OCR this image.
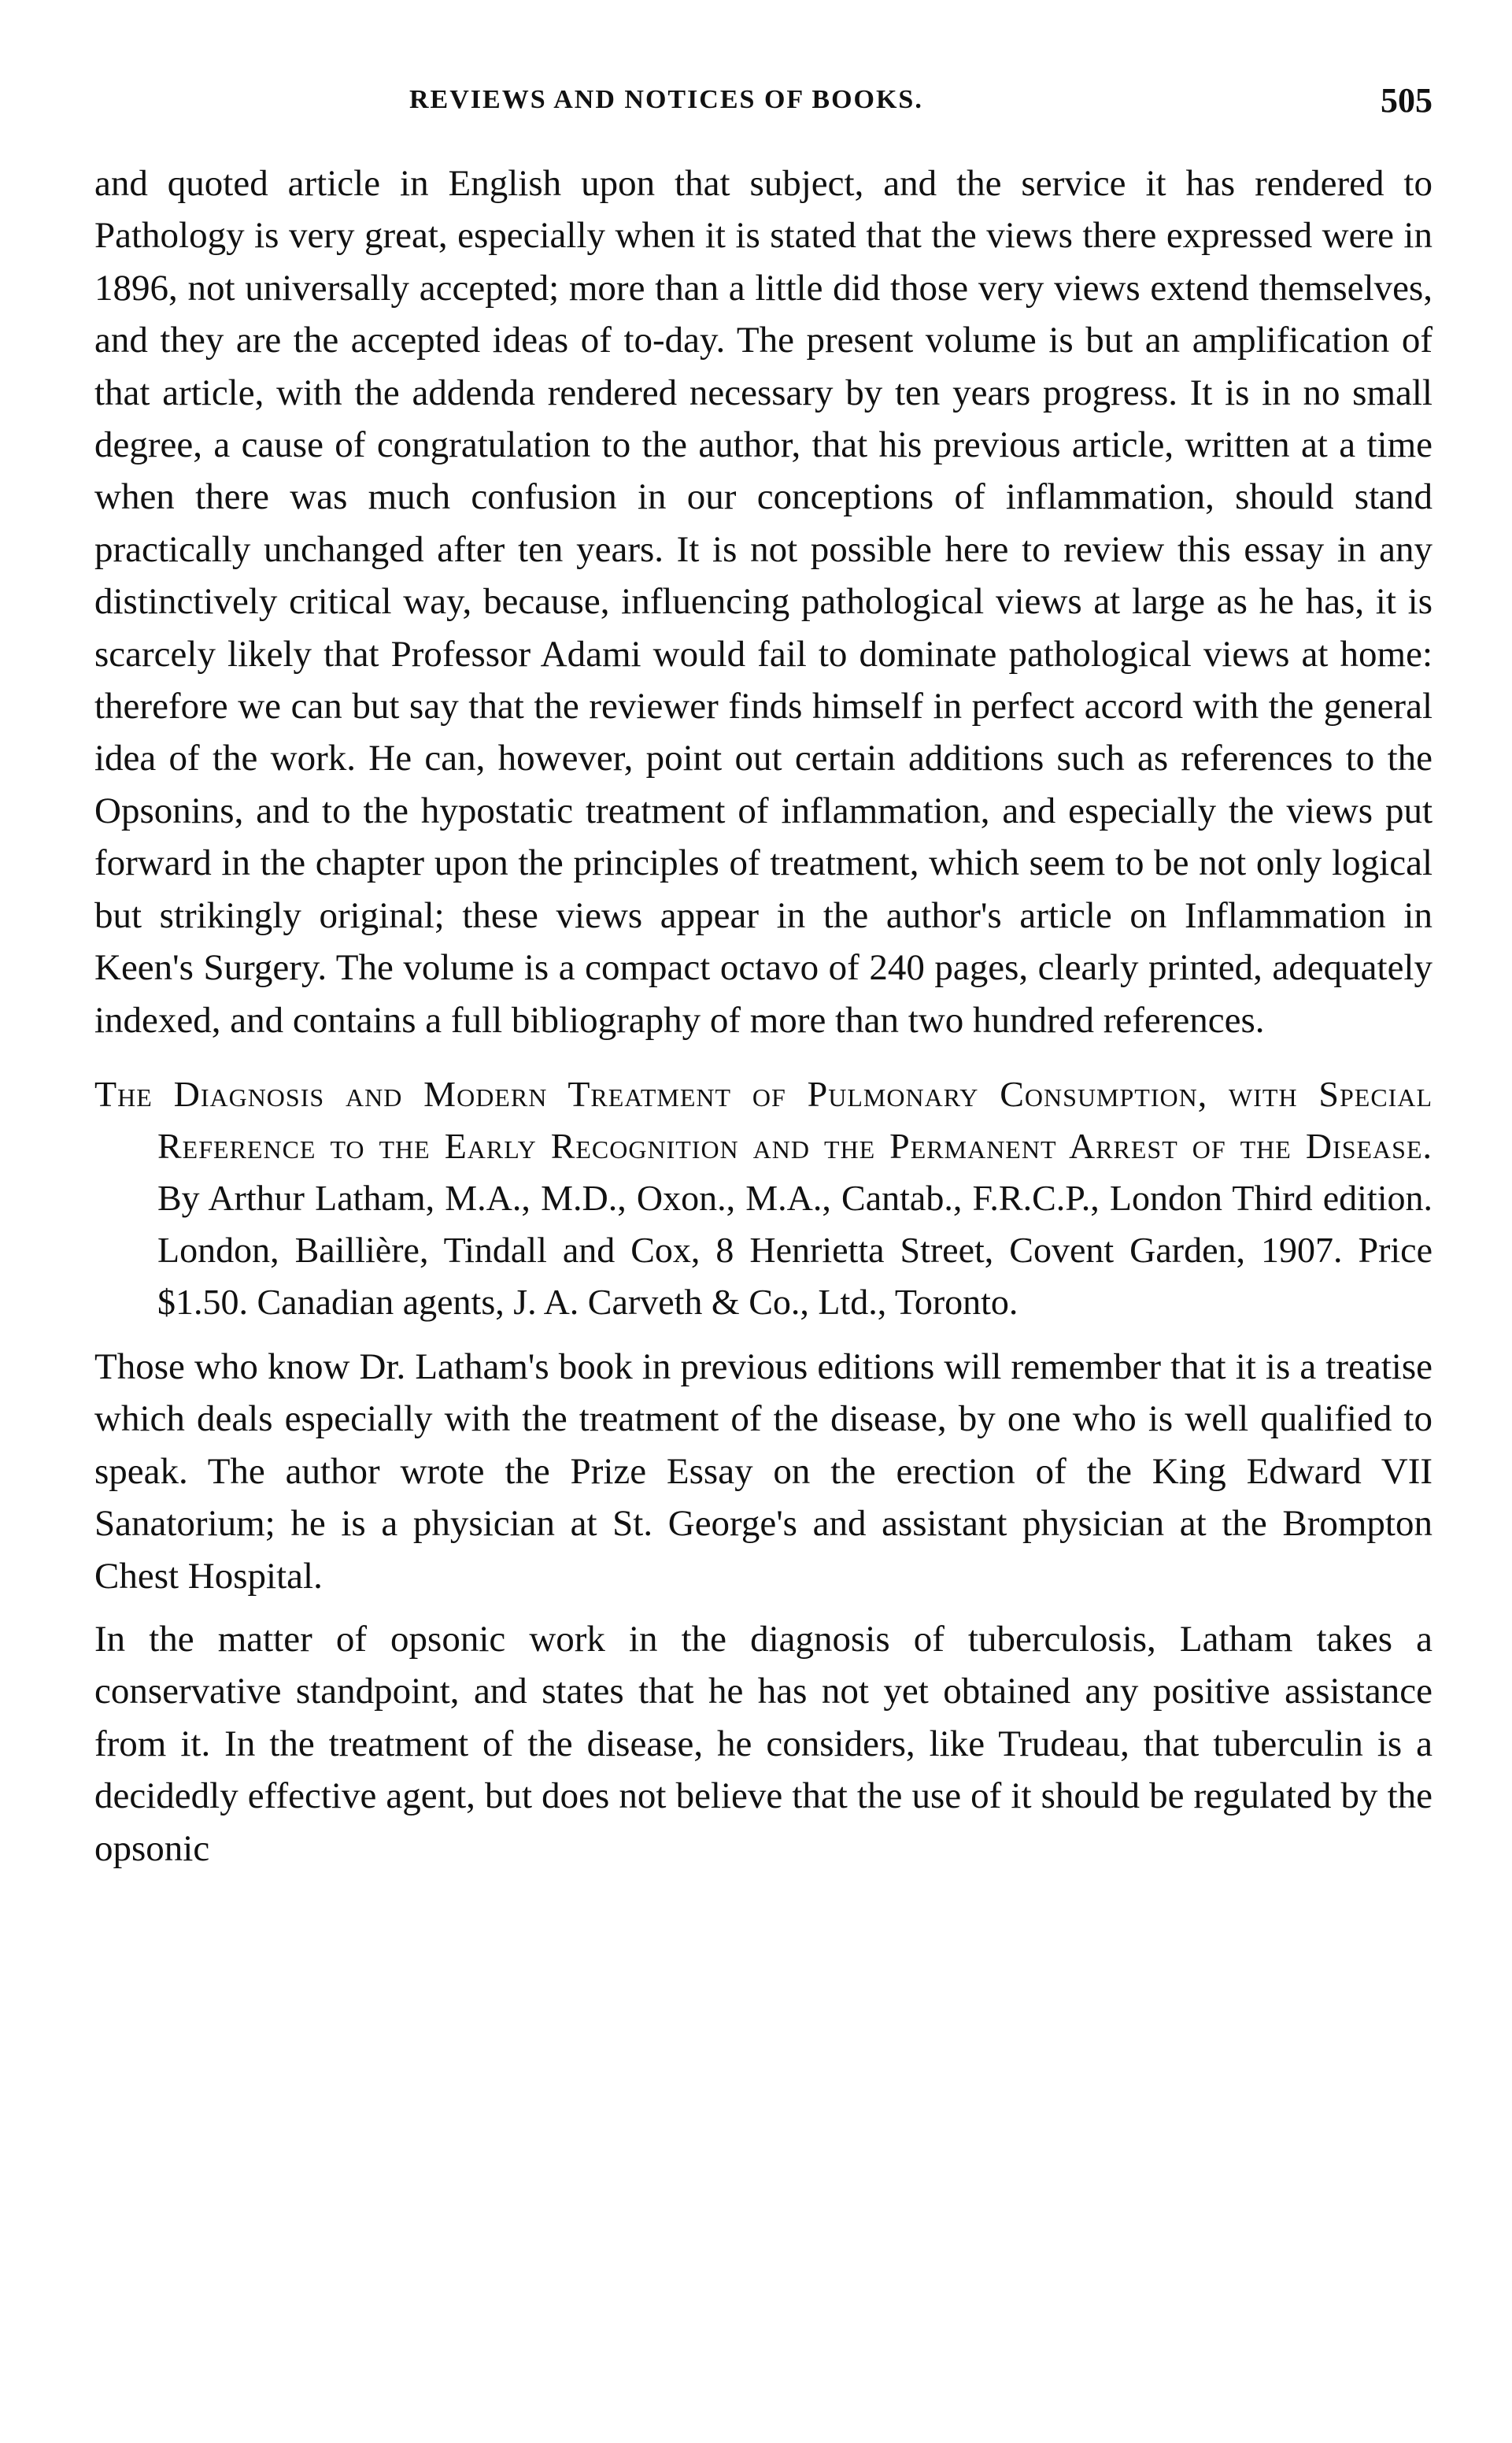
REVIEWS AND NOTICES OF BOOKS.	505

and quoted article in English upon that subject, and the service it has rendered to Pathology is very great, especially when it is stated that the views there expressed were in 1896, not universally accepted; more than a little did those very views extend themselves, and they are the accepted ideas of to-day. The present volume is but an amplification of that article, with the addenda rendered necessary by ten years progress. It is in no small degree, a cause of congratulation to the author, that his previous article, written at a time when there was much confusion in our conceptions of inflammation, should stand practically unchanged after ten years. It is not possible here to review this essay in any distinctively critical way, because, influencing pathological views at large as he has, it is scarcely likely that Professor Adami would fail to dominate pathological views at home: therefore we can but say that the reviewer finds himself in perfect accord with the general idea of the work. He can, however, point out certain additions such as references to the Opsonins, and to the hypostatic treatment of inflammation, and especially the views put forward in the chapter upon the principles of treatment, which seem to be not only logical but strikingly original; these views appear in the author's article on Inflammation in Keen's Surgery. The volume is a compact octavo of 240 pages, clearly printed, adequately indexed, and contains a full bibliography of more than two hundred references.

The Diagnosis and Modern Treatment of Pulmonary Consumption, with Special Reference to the Early Recognition and the Permanent Arrest of the Disease. By Arthur Latham, M.A., M.D., Oxon., M.A., Cantab., F.R.C.P., London Third edition. London, Baillière, Tindall and Cox, 8 Henrietta Street, Covent Garden, 1907. Price $1.50. Canadian agents, J. A. Carveth & Co., Ltd., Toronto.

Those who know Dr. Latham's book in previous editions will remember that it is a treatise which deals especially with the treatment of the disease, by one who is well qualified to speak. The author wrote the Prize Essay on the erection of the King Edward VII Sanatorium; he is a physician at St. George's and assistant physician at the Brompton Chest Hospital.

In the matter of opsonic work in the diagnosis of tuberculosis, Latham takes a conservative standpoint, and states that he has not yet obtained any positive assistance from it. In the treatment of the disease, he considers, like Trudeau, that tuberculin is a decidedly effective agent, but does not believe that the use of it should be regulated by the opsonic
